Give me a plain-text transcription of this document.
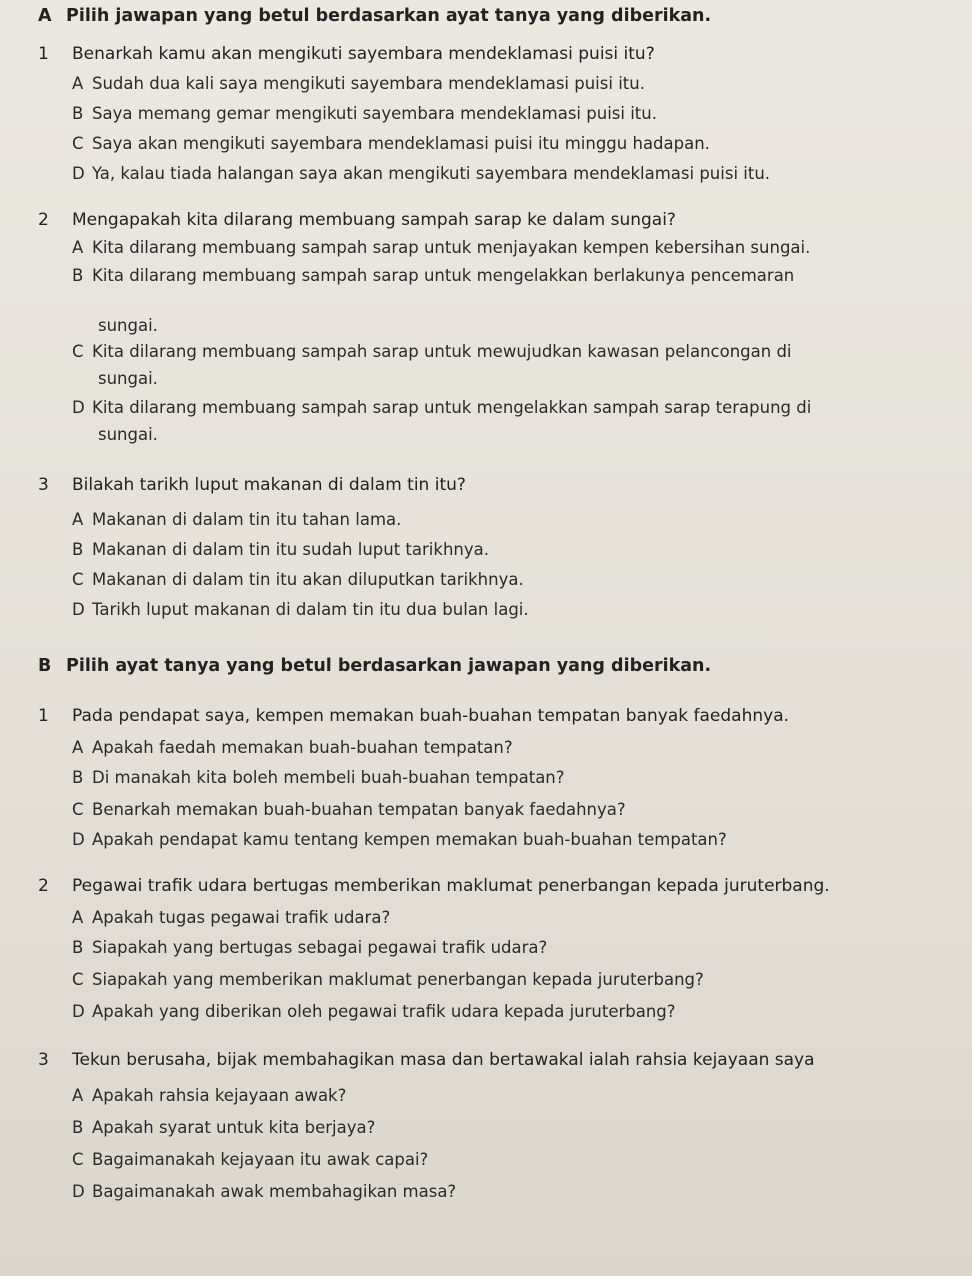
A Pilih jawapan yang betul berdasarkan ayat tanya yang diberikan.
1 Benarkah kamu akan mengikuti sayembara mendeklamasi puisi itu?
A Sudah dua kali saya mengikuti sayembara mendeklamasi puisi itu.
B Saya memang gemar mengikuti sayembara mendeklamasi puisi itu.
C Saya akan mengikuti sayembara mendeklamasi puisi itu minggu hadapan.
D Ya, kalau tiada halangan saya akan mengikuti sayembara mendeklamasi puisi itu.
2 Mengapakah kita dilarang membuang sampah sarap ke dalam sungai?
A Kita dilarang membuang sampah sarap untuk menjayakan kempen kebersihan sungai.
B Kita dilarang membuang sampah sarap untuk mengelakkan berlakunya pencemaran
sungai.
C Kita dilarang membuang sampah sarap untuk mewujudkan kawasan pelancongan di
sungai.
D Kita dilarang membuang sampah sarap untuk mengelakkan sampah sarap terapung di
sungai.
3 Bilakah tarikh luput makanan di dalam tin itu?
A Makanan di dalam tin itu tahan lama.
B Makanan di dalam tin itu sudah luput tarikhnya.
C Makanan di dalam tin itu akan diluputkan tarikhnya.
D Tarikh luput makanan di dalam tin itu dua bulan lagi.
B Pilih ayat tanya yang betul berdasarkan jawapan yang diberikan.
1 Pada pendapat saya, kempen memakan buah-buahan tempatan banyak faedahnya.
A Apakah faedah memakan buah-buahan tempatan?
B Di manakah kita boleh membeli buah-buahan tempatan?
C Benarkah memakan buah-buahan tempatan banyak faedahnya?
D Apakah pendapat kamu tentang kempen memakan buah-buahan tempatan?
2 Pegawai trafik udara bertugas memberikan maklumat penerbangan kepada juruterbang.
A Apakah tugas pegawai trafik udara?
B Siapakah yang bertugas sebagai pegawai trafik udara?
C Siapakah yang memberikan maklumat penerbangan kepada juruterbang?
D Apakah yang diberikan oleh pegawai trafik udara kepada juruterbang?
3 Tekun berusaha, bijak membahagikan masa dan bertawakal ialah rahsia kejayaan saya
A Apakah rahsia kejayaan awak?
B Apakah syarat untuk kita berjaya?
C Bagaimanakah kejayaan itu awak capai?
D Bagaimanakah awak membahagikan masa?
